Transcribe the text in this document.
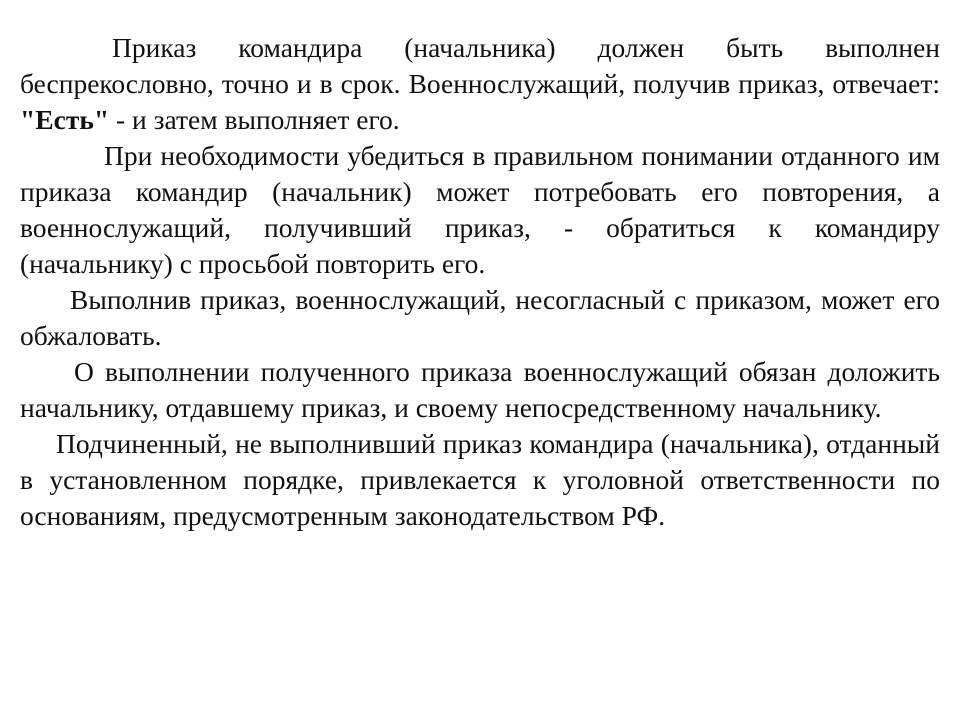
Приказ командира (начальника) должен быть выполнен беспрекословно, точно и в срок. Военнослужащий, получив приказ, отвечает: "Есть" - и затем выполняет его.

При необходимости убедиться в правильном понимании отданного им приказа командир (начальник) может потребовать его повторения, а военнослужащий, получивший приказ, - обратиться к командиру (начальнику) с просьбой повторить его.

Выполнив приказ, военнослужащий, несогласный с приказом, может его обжаловать.

О выполнении полученного приказа военнослужащий обязан доложить начальнику, отдавшему приказ, и своему непосредственному начальнику.

Подчиненный, не выполнивший приказ командира (начальника), отданный в установленном порядке, привлекается к уголовной ответственности по основаниям, предусмотренным законодательством РФ.
